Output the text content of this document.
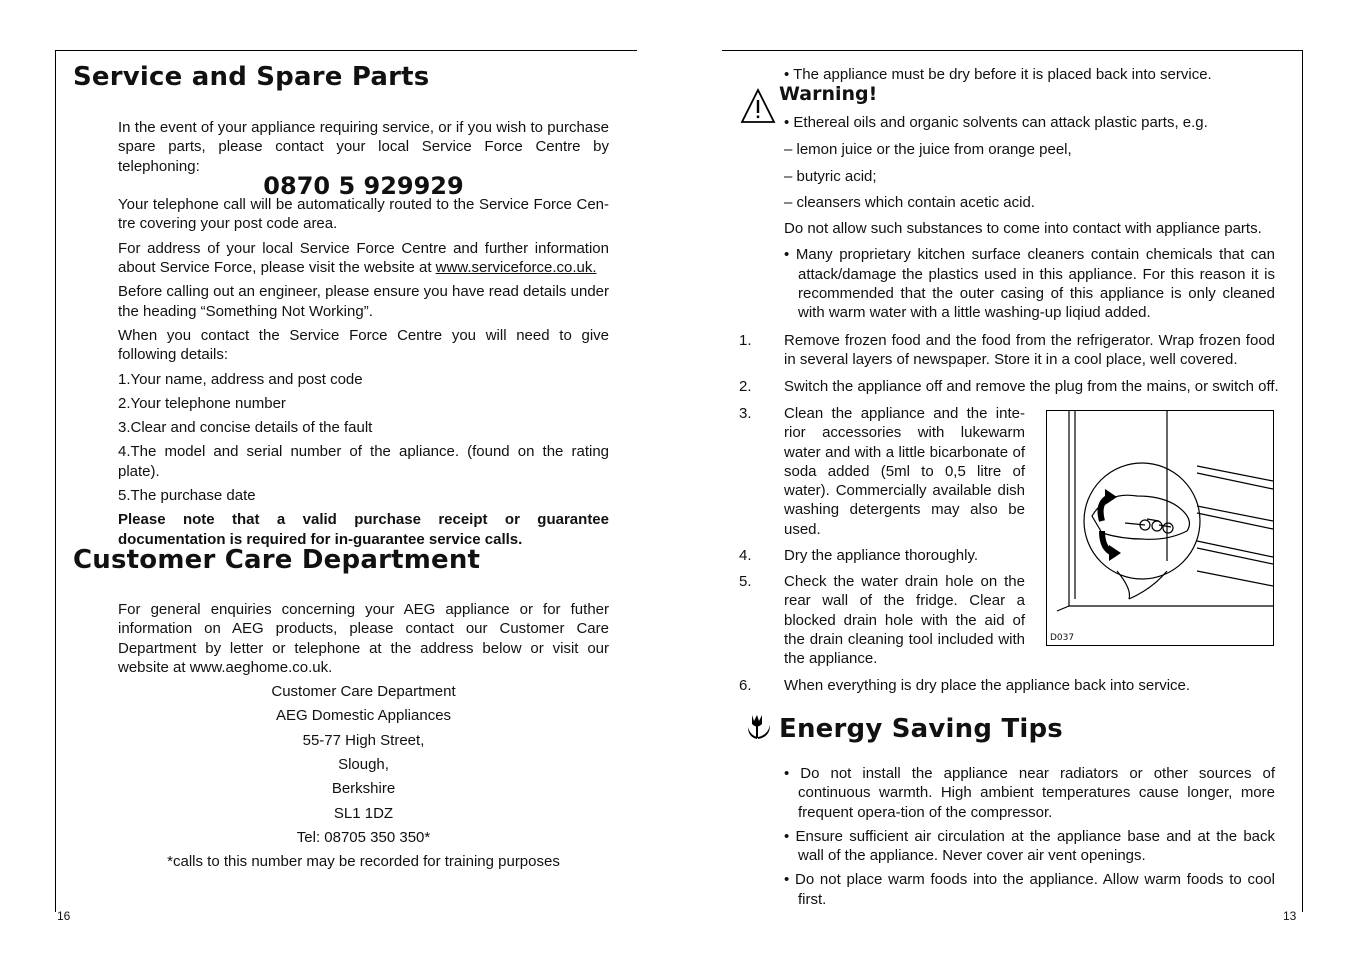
Service and Spare Parts

In the event of your appliance requiring service, or if you wish to purchase spare parts, please contact your local Service Force Centre by telephoning:

0870 5 929929

Your telephone call will be automatically routed to the Service Force Cen-tre covering your post code area.

For address of your local Service Force Centre and further information about Service Force, please visit the website at www.serviceforce.co.uk.

Before calling out an engineer, please ensure you have read details under the heading “Something Not Working”.

When you contact the Service Force Centre you will need to give following details:

1.Your name, address and post code

2.Your telephone number

3.Clear and concise details of the fault

4.The model and serial number of the apliance. (found on the rating plate).

5.The purchase date

Please note that a valid purchase receipt or guarantee documentation is required for in-guarantee service calls.

Customer Care Department

For general enquiries concerning your AEG appliance or for futher information on AEG products, please contact our Customer Care Department by letter or telephone at the address below or visit our website at www.aeghome.co.uk.

Customer Care Department

AEG Domestic Appliances

55-77 High Street,

Slough,

Berkshire

SL1 1DZ

Tel: 08705 350 350*

*calls to this number may be recorded for training purposes

16
• The appliance must be dry before it is placed back into service.
Warning!

• Ethereal oils and organic solvents can attack plastic parts, e.g.

– lemon juice or the juice from orange peel,

– butyric acid;

– cleansers which contain acetic acid.

Do not allow such substances to come into contact with appliance parts.

• Many proprietary kitchen surface cleaners contain chemicals that can attack/damage the plastics used in this appliance. For this reason it is recommended that the outer casing of this appliance is only cleaned with warm water with a little washing-up liqiud added.

1. Remove frozen food and the food from the refrigerator. Wrap frozen food in several layers of newspaper. Store it in a cool place, well covered.
2. Switch the appliance off and remove the plug from the mains, or switch off.
3. Clean the appliance and the inte-rior accessories with lukewarm water and with a little bicarbonate of soda added (5ml to 0,5 litre of water). Commercially available dish washing detergents may also be used.
4. Dry the appliance thoroughly.
5. Check the water drain hole on the rear wall of the fridge. Clear a blocked drain hole with the aid of the drain cleaning tool included with the appliance.
6. When everything is dry place the appliance back into service.
D037
Energy Saving Tips

• Do not install the appliance near radiators or other sources of continuous warmth. High ambient temperatures cause longer, more frequent opera-tion of the compressor.

• Ensure sufficient air circulation at the appliance base and at the back wall of the appliance. Never cover air vent openings.

• Do not place warm foods into the appliance. Allow warm foods to cool first.

13
